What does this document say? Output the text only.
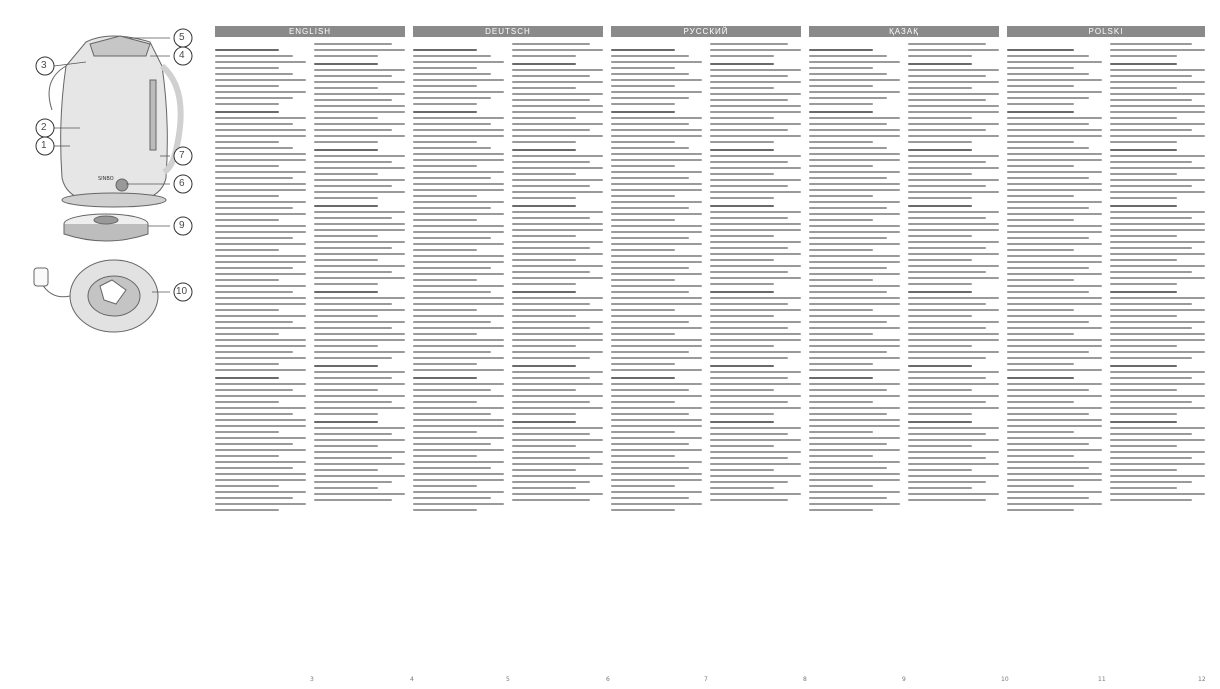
5
4
3
2
1
7
6
9
10
SINBO
ENGLISH	DEUTSCH	РУССКИЙ	ҚАЗАҚ	POLSKI
3	4	5	6	7	8	9	10	11	12
